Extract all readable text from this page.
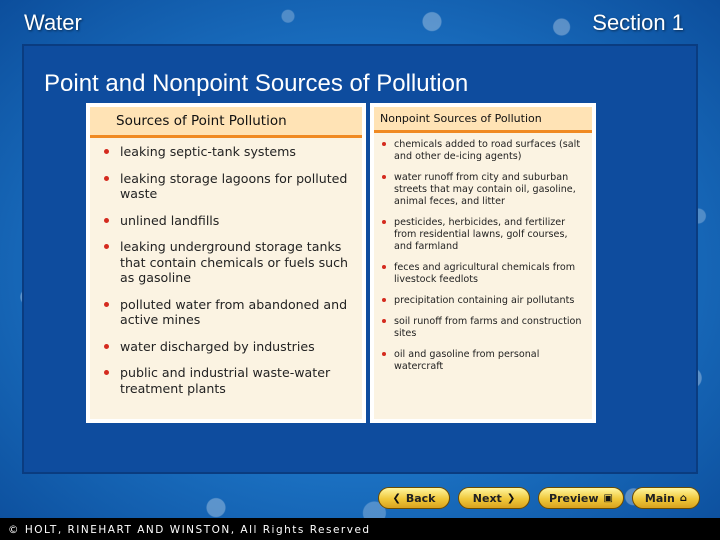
Water	Section 1
Point and Nonpoint Sources of Pollution
Sources of Point Pollution
leaking septic-tank systems
leaking storage lagoons for polluted waste
unlined landfills
leaking underground storage tanks that contain chemicals or fuels such as gasoline
polluted water from abandoned and active mines
water discharged by industries
public and industrial waste-water treatment plants
Nonpoint Sources of Pollution
chemicals added to road surfaces (salt and other de-icing agents)
water runoff from city and suburban streets that may contain oil, gasoline, animal feces, and litter
pesticides, herbicides, and fertilizer from residential lawns, golf courses, and farmland
feces and agricultural chemicals from livestock feedlots
precipitation containing air pollutants
soil runoff from farms and construction sites
oil and gasoline from personal watercraft
❮ Back	Next ❯	Preview ▣	Main ⌂
© HOLT, RINEHART AND WINSTON, All Rights Reserved
